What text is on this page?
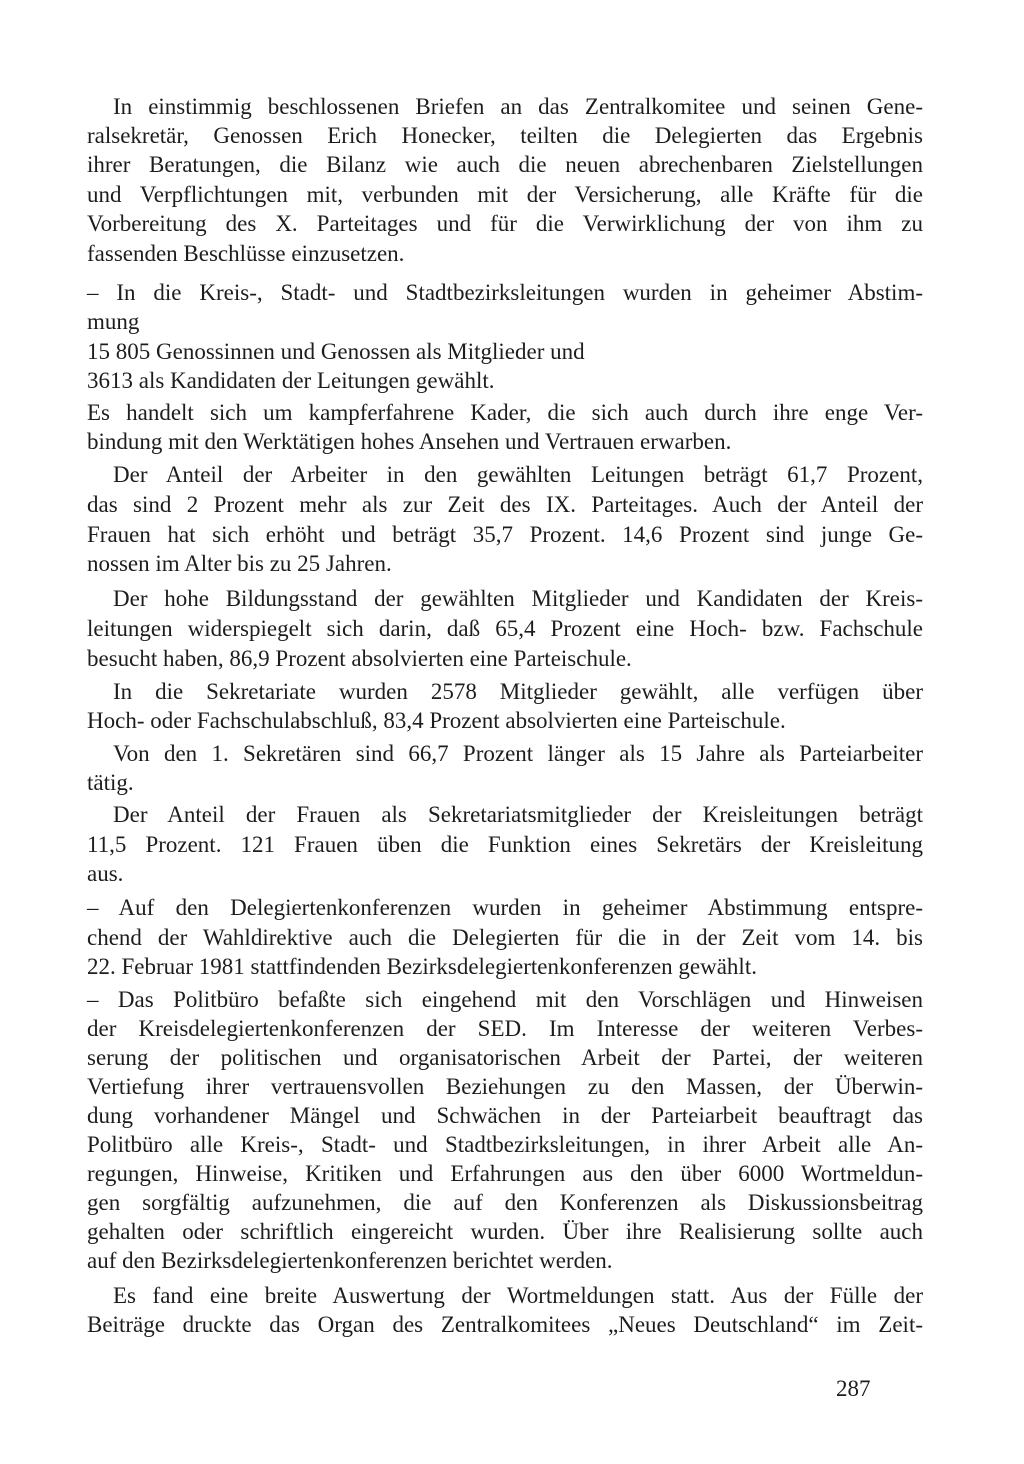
In einstimmig beschlossenen Briefen an das Zentralkomitee und seinen Gene-
ralsekretär, Genossen Erich Honecker, teilten die Delegierten das Ergebnis
ihrer Beratungen, die Bilanz wie auch die neuen abrechenbaren Zielstellungen
und Verpflichtungen mit, verbunden mit der Versicherung, alle Kräfte für die
Vorbereitung des X. Parteitages und für die Verwirklichung der von ihm zu
fassenden Beschlüsse einzusetzen.
– In die Kreis-, Stadt- und Stadtbezirksleitungen wurden in geheimer Abstim-
mung
15 805 Genossinnen und Genossen als Mitglieder und
3613 als Kandidaten der Leitungen gewählt.
Es handelt sich um kampferfahrene Kader, die sich auch durch ihre enge Ver-
bindung mit den Werktätigen hohes Ansehen und Vertrauen erwarben.
Der Anteil der Arbeiter in den gewählten Leitungen beträgt 61,7 Prozent,
das sind 2 Prozent mehr als zur Zeit des IX. Parteitages. Auch der Anteil der
Frauen hat sich erhöht und beträgt 35,7 Prozent. 14,6 Prozent sind junge Ge-
nossen im Alter bis zu 25 Jahren.
Der hohe Bildungsstand der gewählten Mitglieder und Kandidaten der Kreis-
leitungen widerspiegelt sich darin, daß 65,4 Prozent eine Hoch- bzw. Fachschule
besucht haben, 86,9 Prozent absolvierten eine Parteischule.
In die Sekretariate wurden 2578 Mitglieder gewählt, alle verfügen über
Hoch- oder Fachschulabschluß, 83,4 Prozent absolvierten eine Parteischule.
Von den 1. Sekretären sind 66,7 Prozent länger als 15 Jahre als Parteiarbeiter
tätig.
Der Anteil der Frauen als Sekretariatsmitglieder der Kreisleitungen beträgt
11,5 Prozent. 121 Frauen üben die Funktion eines Sekretärs der Kreisleitung
aus.
– Auf den Delegiertenkonferenzen wurden in geheimer Abstimmung entspre-
chend der Wahldirektive auch die Delegierten für die in der Zeit vom 14. bis
22. Februar 1981 stattfindenden Bezirksdelegiertenkonferenzen gewählt.
– Das Politbüro befaßte sich eingehend mit den Vorschlägen und Hinweisen
der Kreisdelegiertenkonferenzen der SED. Im Interesse der weiteren Verbes-
serung der politischen und organisatorischen Arbeit der Partei, der weiteren
Vertiefung ihrer vertrauensvollen Beziehungen zu den Massen, der Überwin-
dung vorhandener Mängel und Schwächen in der Parteiarbeit beauftragt das
Politbüro alle Kreis-, Stadt- und Stadtbezirksleitungen, in ihrer Arbeit alle An-
regungen, Hinweise, Kritiken und Erfahrungen aus den über 6000 Wortmeldun-
gen sorgfältig aufzunehmen, die auf den Konferenzen als Diskussionsbeitrag
gehalten oder schriftlich eingereicht wurden. Über ihre Realisierung sollte auch
auf den Bezirksdelegiertenkonferenzen berichtet werden.
Es fand eine breite Auswertung der Wortmeldungen statt. Aus der Fülle der
Beiträge druckte das Organ des Zentralkomitees „Neues Deutschland“ im Zeit-
287
